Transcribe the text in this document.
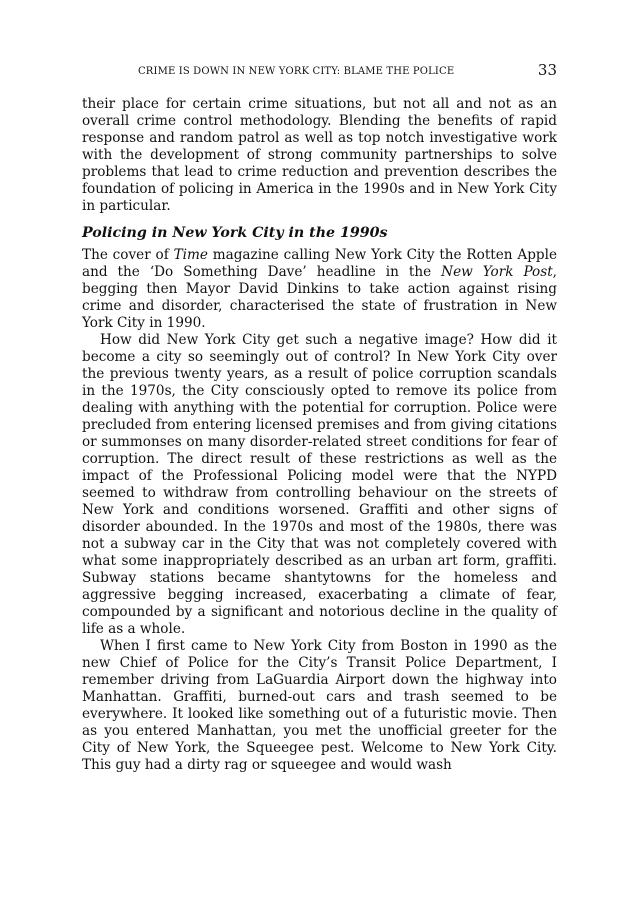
CRIME IS DOWN IN NEW YORK CITY: BLAME THE POLICE	33

their place for certain crime situations, but not all and not as an overall crime control methodology. Blending the benefits of rapid response and random patrol as well as top notch investigative work with the development of strong community partnerships to solve problems that lead to crime reduction and prevention describes the foundation of policing in America in the 1990s and in New York City in particular.

Policing in New York City in the 1990s

The cover of Time magazine calling New York City the Rotten Apple and the ‘Do Something Dave’ headline in the New York Post, begging then Mayor David Dinkins to take action against rising crime and disorder, characterised the state of frustration in New York City in 1990.

How did New York City get such a negative image? How did it become a city so seemingly out of control? In New York City over the previous twenty years, as a result of police corruption scandals in the 1970s, the City consciously opted to remove its police from dealing with anything with the potential for corruption. Police were precluded from entering licensed premises and from giving citations or summonses on many disorder-related street conditions for fear of corruption. The direct result of these restrictions as well as the impact of the Professional Policing model were that the NYPD seemed to withdraw from controlling behaviour on the streets of New York and conditions worsened. Graffiti and other signs of disorder abounded. In the 1970s and most of the 1980s, there was not a subway car in the City that was not completely covered with what some inappropriately described as an urban art form, graffiti. Subway stations became shantytowns for the homeless and aggressive begging increased, exacerbating a climate of fear, compounded by a significant and notorious decline in the quality of life as a whole.

When I first came to New York City from Boston in 1990 as the new Chief of Police for the City’s Transit Police Department, I remember driving from LaGuardia Airport down the highway into Manhattan. Graffiti, burned-out cars and trash seemed to be everywhere. It looked like something out of a futuristic movie. Then as you entered Manhattan, you met the unofficial greeter for the City of New York, the Squeegee pest. Welcome to New York City. This guy had a dirty rag or squeegee and would wash
